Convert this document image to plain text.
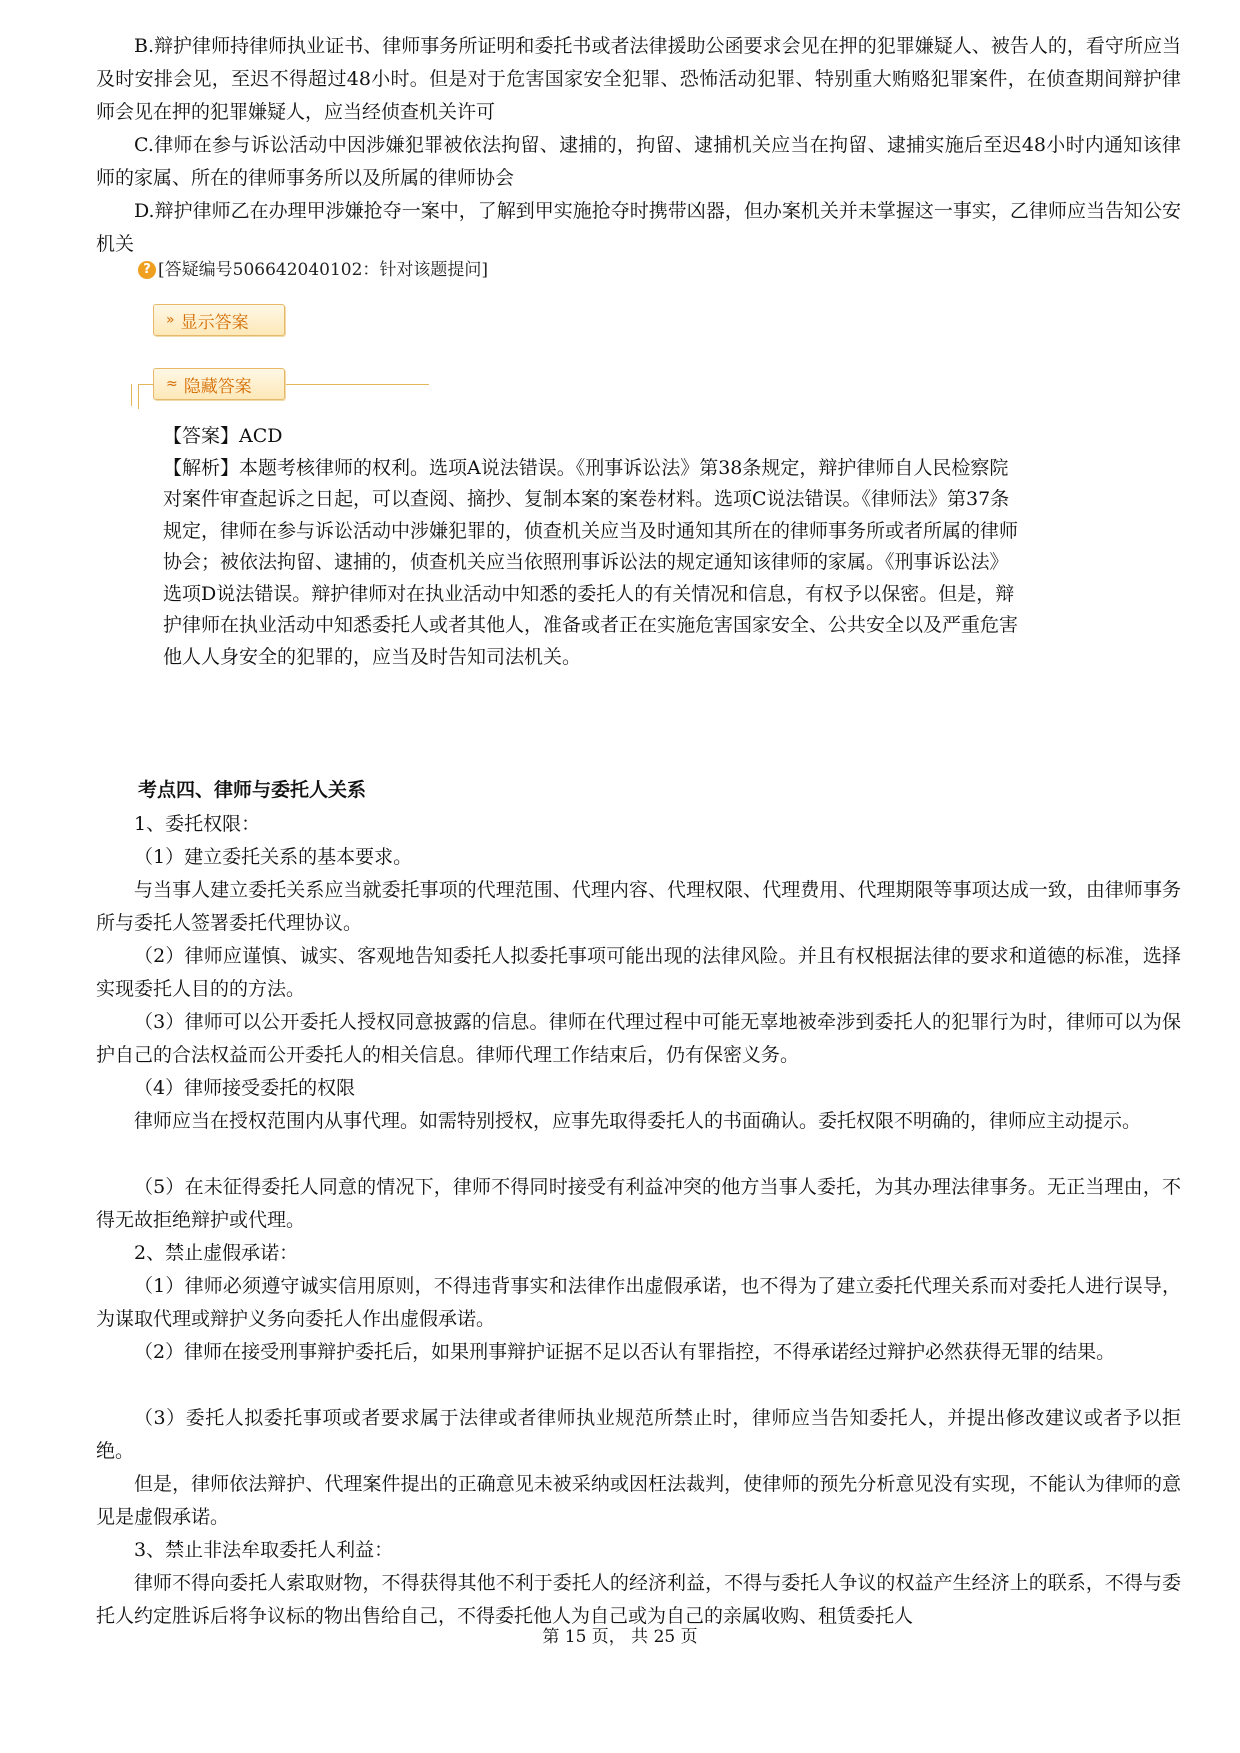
B.辩护律师持律师执业证书、律师事务所证明和委托书或者法律援助公函要求会见在押的犯罪嫌疑人、被告人的，看守所应当及时安排会见，至迟不得超过48小时。但是对于危害国家安全犯罪、恐怖活动犯罪、特别重大贿赂犯罪案件，在侦查期间辩护律师会见在押的犯罪嫌疑人，应当经侦查机关许可

C.律师在参与诉讼活动中因涉嫌犯罪被依法拘留、逮捕的，拘留、逮捕机关应当在拘留、逮捕实施后至迟48小时内通知该律师的家属、所在的律师事务所以及所属的律师协会

D.辩护律师乙在办理甲涉嫌抢夺一案中，了解到甲实施抢夺时携带凶器，但办案机关并未掌握这一事实，乙律师应当告知公安机关

? [答疑编号506642040102：针对该题提问]
» 显示答案
≈ 隐藏答案

【答案】ACD

【解析】本题考核律师的权利。选项A说法错误。《刑事诉讼法》第38条规定，辩护律师自人民检察院对案件审查起诉之日起，可以查阅、摘抄、复制本案的案卷材料。选项C说法错误。《律师法》第37条规定，律师在参与诉讼活动中涉嫌犯罪的，侦查机关应当及时通知其所在的律师事务所或者所属的律师协会；被依法拘留、逮捕的，侦查机关应当依照刑事诉讼法的规定通知该律师的家属。《刑事诉讼法》选项D说法错误。辩护律师对在执业活动中知悉的委托人的有关情况和信息，有权予以保密。但是，辩护律师在执业活动中知悉委托人或者其他人，准备或者正在实施危害国家安全、公共安全以及严重危害他人人身安全的犯罪的，应当及时告知司法机关。

考点四、律师与委托人关系

1、委托权限：

（1）建立委托关系的基本要求。

与当事人建立委托关系应当就委托事项的代理范围、代理内容、代理权限、代理费用、代理期限等事项达成一致，由律师事务所与委托人签署委托代理协议。

（2）律师应谨慎、诚实、客观地告知委托人拟委托事项可能出现的法律风险。并且有权根据法律的要求和道德的标准，选择实现委托人目的的方法。

（3）律师可以公开委托人授权同意披露的信息。律师在代理过程中可能无辜地被牵涉到委托人的犯罪行为时，律师可以为保护自己的合法权益而公开委托人的相关信息。律师代理工作结束后，仍有保密义务。

（4）律师接受委托的权限

律师应当在授权范围内从事代理。如需特别授权，应事先取得委托人的书面确认。委托权限不明确的，律师应主动提示。

（5）在未征得委托人同意的情况下，律师不得同时接受有利益冲突的他方当事人委托，为其办理法律事务。无正当理由，不得无故拒绝辩护或代理。

2、禁止虚假承诺：

（1）律师必须遵守诚实信用原则，不得违背事实和法律作出虚假承诺，也不得为了建立委托代理关系而对委托人进行误导，为谋取代理或辩护义务向委托人作出虚假承诺。

（2）律师在接受刑事辩护委托后，如果刑事辩护证据不足以否认有罪指控，不得承诺经过辩护必然获得无罪的结果。

（3）委托人拟委托事项或者要求属于法律或者律师执业规范所禁止时，律师应当告知委托人，并提出修改建议或者予以拒绝。

但是，律师依法辩护、代理案件提出的正确意见未被采纳或因枉法裁判，使律师的预先分析意见没有实现，不能认为律师的意见是虚假承诺。

3、禁止非法牟取委托人利益：

律师不得向委托人索取财物，不得获得其他不利于委托人的经济利益，不得与委托人争议的权益产生经济上的联系，不得与委托人约定胜诉后将争议标的物出售给自己，不得委托他人为自己或为自己的亲属收购、租赁委托人

第 15 页， 共 25 页
